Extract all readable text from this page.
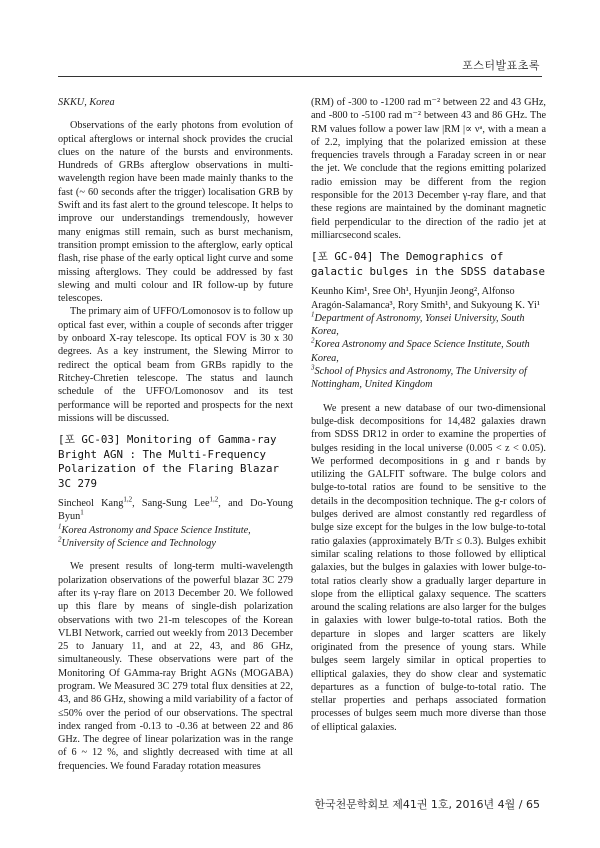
포스터발표초록

SKKU, Korea

Observations of the early photons from evolution of optical afterglows or internal shock provides the crucial clues on the nature of the bursts and environments. Hundreds of GRBs afterglow observations in multi-wavelength region have been made mainly thanks to the fast (~ 60 seconds after the trigger) localisation GRB by Swift and its fast alert to the ground telescope. It helps to improve our understandings tremendously, however many enigmas still remain, such as burst mechanism, transition prompt emission to the afterglow, early optical flash, rise phase of the early optical light curve and some missing afterglows. They could be addressed by fast slewing and multi colour and IR follow-up by future telescopes.

The primary aim of UFFO/Lomonosov is to follow up optical fast ever, within a couple of seconds after trigger by onboard X-ray telescope. Its optical FOV is 30 x 30 degrees. As a key instrument, the Slewing Mirror to redirect the optical beam from GRBs rapidly to the Ritchey-Chretien telescope. The status and launch schedule of the UFFO/Lomonosov and its test performance will be reported and prospects for the next missions will be discussed.

[포 GC-03] Monitoring of Gamma-ray Bright AGN : The Multi-Frequency Polarization of the Flaring Blazar 3C 279

Sincheol Kang$^{1,2}$, Sang-Sung Lee$^{1,2}$, and Do-Young Byun$^1$

$^1$Korea Astronomy and Space Science Institute,

$^2$University of Science and Technology

We present results of long-term multi-wavelength polarization observations of the powerful blazar 3C 279 after its γ-ray flare on 2013 December 20. We followed up this flare by means of single-dish polarization observations with two 21-m telescopes of the Korean VLBI Network, carried out weekly from 2013 December 25 to January 11, and at 22, 43, and 86 GHz, simultaneously. These observations were part of the Monitoring Of GAmma-ray Bright AGNs (MOGABA) program. We Measured 3C 279 total flux densities at 22, 43, and 86 GHz, showing a mild variability of a factor of ≤50% over the period of our observations. The spectral index ranged from -0.13 to -0.36 at between 22 and 86 GHz. The degree of linear polarization was in the range of 6 ~ 12 %, and slightly decreased with time at all frequencies. We found Faraday rotation measures

(RM) of -300 to -1200 rad m⁻² between 22 and 43 GHz, and -800 to -5100 rad m⁻² between 43 and 86 GHz. The RM values follow a power law |RM |∝ νᵃ, with a mean a of 2.2, implying that the polarized emission at these frequencies travels through a Faraday screen in or near the jet. We conclude that the regions emitting polarized radio emission may be different from the region responsible for the 2013 December γ-ray flare, and that these regions are maintained by the dominant magnetic field perpendicular to the direction of the radio jet at milliarcsecond scales.

[포 GC-04] The Demographics of galactic bulges in the SDSS database

Keunho Kim¹, Sree Oh¹, Hyunjin Jeong², Alfonso Aragón-Salamanca³, Rory Smith¹, and Sukyoung K. Yi¹

$^1$Department of Astronomy, Yonsei University, South Korea,

$^2$Korea Astronomy and Space Science Institute, South Korea,

$^3$School of Physics and Astronomy, The University of Nottingham, United Kingdom

We present a new database of our two-dimensional bulge-disk decompositions for 14,482 galaxies drawn from SDSS DR12 in order to examine the properties of bulges residing in the local universe (0.005 < z < 0.05). We performed decompositions in g and r bands by utilizing the GALFIT software. The bulge colors and bulge-to-total ratios are found to be sensitive to the details in the decomposition technique. The g-r colors of bulges derived are almost constantly red regardless of bulge size except for the bulges in the low bulge-to-total ratio galaxies (approximately B/Tr ≤ 0.3). Bulges exhibit similar scaling relations to those followed by elliptical galaxies, but the bulges in galaxies with lower bulge-to-total ratios clearly show a gradually larger departure in slope from the elliptical galaxy sequence. The scatters around the scaling relations are also larger for the bulges in galaxies with lower bulge-to-total ratios. Both the departure in slopes and larger scatters are likely originated from the presence of young stars. While bulges seem largely similar in optical properties to elliptical galaxies, they do show clear and systematic departures as a function of bulge-to-total ratio. The stellar properties and perhaps associated formation processes of bulges seem much more diverse than those of elliptical galaxies.

한국천문학회보 제41권 1호, 2016년 4월 / 65
